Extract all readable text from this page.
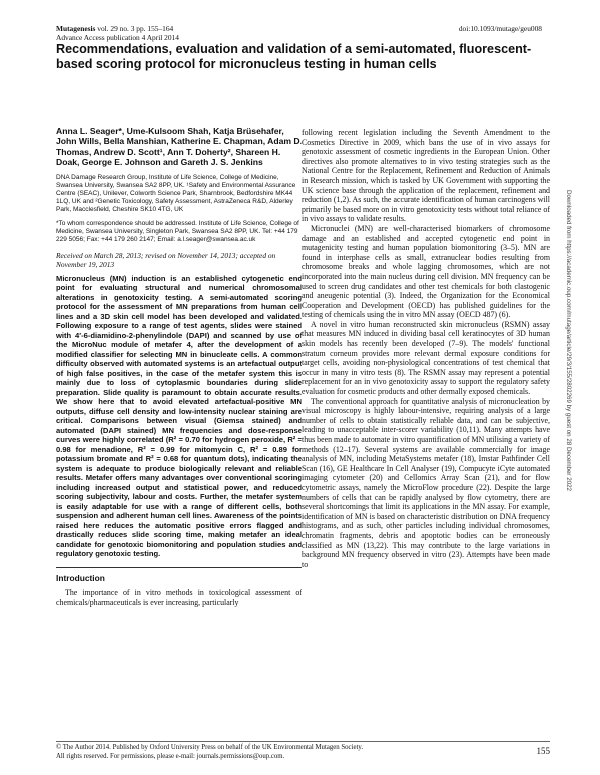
Mutagenesis vol. 29 no. 3 pp. 155–164
Advance Access publication 4 April 2014
doi:10.1093/mutage/geu008
Recommendations, evaluation and validation of a semi-automated, fluorescent-based scoring protocol for micronucleus testing in human cells
Anna L. Seager*, Ume-Kulsoom Shah, Katja Brüsehafer, John Wills, Bella Manshian, Katherine E. Chapman, Adam D. Thomas, Andrew D. Scott¹, Ann T. Doherty², Shareen H. Doak, George E. Johnson and Gareth J. S. Jenkins
DNA Damage Research Group, Institute of Life Science, College of Medicine, Swansea University, Swansea SA2 8PP, UK. ¹Safety and Environmental Assurance Centre (SEAC), Unilever, Colworth Science Park, Sharnbrook, Bedfordshire MK44 1LQ, UK and ²Genetic Toxicology, Safety Assessment, AstraZeneca R&D, Alderley Park, Macclesfield, Cheshire SK10 4TG, UK
*To whom correspondence should be addressed. Institute of Life Science, College of Medicine, Swansea University, Singleton Park, Swansea SA2 8PP, UK. Tel: +44 179 229 5056; Fax: +44 179 260 2147; Email: a.l.seager@swansea.ac.uk
Received on March 28, 2013; revised on November 14, 2013; accepted on November 19, 2013
Micronucleus (MN) induction is an established cytogenetic end point for evaluating structural and numerical chromosomal alterations in genotoxicity testing. A semi-automated scoring protocol for the assessment of MN preparations from human cell lines and a 3D skin cell model has been developed and validated. Following exposure to a range of test agents, slides were stained with 4′-6-diamidino-2-phenylindole (DAPI) and scanned by use of the MicroNuc module of metafer 4, after the development of a modified classifier for selecting MN in binucleate cells. A common difficulty observed with automated systems is an artefactual output of high false positives, in the case of the metafer system this is mainly due to loss of cytoplasmic boundaries during slide preparation. Slide quality is paramount to obtain accurate results. We show here that to avoid elevated artefactual-positive MN outputs, diffuse cell density and low-intensity nuclear staining are critical. Comparisons between visual (Giemsa stained) and automated (DAPI stained) MN frequencies and dose-response curves were highly correlated (R² = 0.70 for hydrogen peroxide, R² = 0.98 for menadione, R² = 0.99 for mitomycin C, R² = 0.89 for potassium bromate and R² = 0.68 for quantum dots), indicating the system is adequate to produce biologically relevant and reliable results. Metafer offers many advantages over conventional scoring including increased output and statistical power, and reduced scoring subjectivity, labour and costs. Further, the metafer system is easily adaptable for use with a range of different cells, both suspension and adherent human cell lines. Awareness of the points raised here reduces the automatic positive errors flagged and drastically reduces slide scoring time, making metafer an ideal candidate for genotoxic biomonitoring and population studies and regulatory genotoxic testing.
Introduction
The importance of in vitro methods in toxicological assessment of chemicals/pharmaceuticals is ever increasing, particularly

following recent legislation including the Seventh Amendment to the Cosmetics Directive in 2009, which bans the use of in vivo assays for genotoxic assessment of cosmetic ingredients in the European Union. Other directives also promote alternatives to in vivo testing strategies such as the National Centre for the Replacement, Refinement and Reduction of Animals in Research mission, which is tasked by UK Government with supporting the UK science base through the application of the replacement, refinement and reduction (1,2). As such, the accurate identification of human carcinogens will primarily be based more on in vitro genotoxicity tests without total reliance of in vivo assays to validate results.

Micronuclei (MN) are well-characterised biomarkers of chromosome damage and an established and accepted cytogenetic end point in mutagenicity testing and human population biomonitoring (3–5). MN are found in interphase cells as small, extranuclear bodies resulting from chromosome breaks and whole lagging chromosomes, which are not incorporated into the main nucleus during cell division. MN frequency can be used to screen drug candidates and other test chemicals for both clastogenic and aneugenic potential (3). Indeed, the Organization for the Economical Cooperation and Development (OECD) has published guidelines for the testing of chemicals using the in vitro MN assay (OECD 487) (6).

A novel in vitro human reconstructed skin micronucleus (RSMN) assay that measures MN induced in dividing basal cell keratinocytes of 3D human skin models has recently been developed (7–9). The models' functional stratum corneum provides more relevant dermal exposure conditions for target cells, avoiding non-physiological concentrations of test chemical that occur in many in vitro tests (8). The RSMN assay may represent a potential replacement for an in vivo genotoxicity assay to support the regulatory safety evaluation for cosmetic products and other dermally exposed chemicals.

The conventional approach for quantitative analysis of micronucleation by visual microscopy is highly labour-intensive, requiring analysis of a large number of cells to obtain statistically reliable data, and can be subjective, leading to unacceptable inter-scorer variability (10,11). Many attempts have thus been made to automate in vitro quantification of MN utilising a variety of methods (12–17). Several systems are available commercially for image analysis of MN, including MetaSystems metafer (18), Imstar Pathfinder Cell Scan (16), GE Healthcare In Cell Analyser (19), Compucyte iCyte automated imaging cytometer (20) and Cellomics Array Scan (21), and for flow cytometric assays, namely the MicroFlow procedure (22). Despite the large numbers of cells that can be rapidly analysed by flow cytometry, there are several shortcomings that limit its applications in the MN assay. For example, identification of MN is based on characteristic distribution on DNA frequency histograms, and as such, other particles including individual chromosomes, chromatin fragments, debris and apoptotic bodies can be erroneously classified as MN (13,22). This may contribute to the large variations in background MN frequency observed in vitro (23). Attempts have been made to

© The Author 2014. Published by Oxford University Press on behalf of the UK Environmental Mutagen Society.
All rights reserved. For permissions, please e-mail: journals.permissions@oup.com.	155
Downloaded from https://academic.oup.com/mutage/article/29/3/155/2802269 by guest on 28 December 2022
